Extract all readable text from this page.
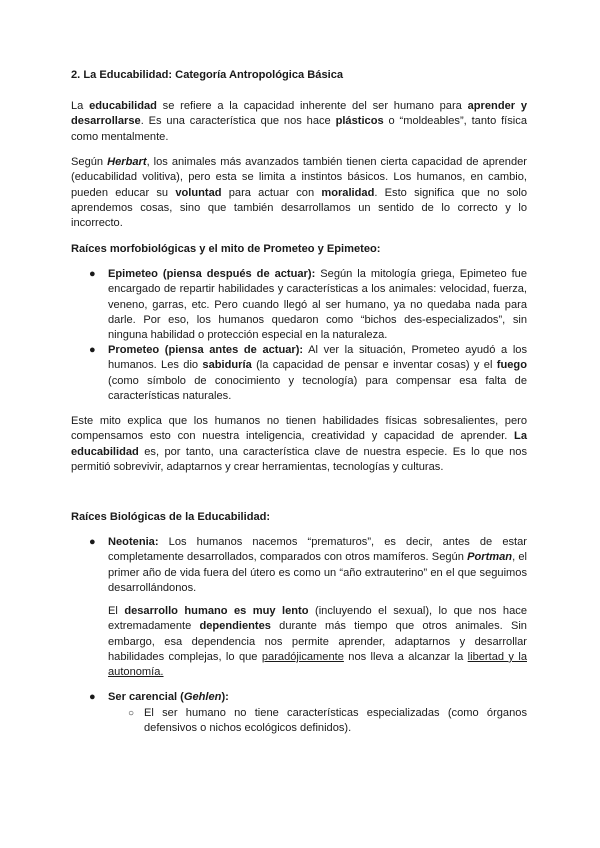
2. La Educabilidad: Categoría Antropológica Básica
La educabilidad se refiere a la capacidad inherente del ser humano para aprender y desarrollarse. Es una característica que nos hace plásticos o “moldeables”, tanto física como mentalmente.
Según Herbart, los animales más avanzados también tienen cierta capacidad de aprender (educabilidad volitiva), pero esta se limita a instintos básicos. Los humanos, en cambio, pueden educar su voluntad para actuar con moralidad. Esto significa que no solo aprendemos cosas, sino que también desarrollamos un sentido de lo correcto y lo incorrecto.
Raíces morfobiológicas y el mito de Prometeo y Epimeteo:
● Epimeteo (piensa después de actuar): Según la mitología griega, Epimeteo fue encargado de repartir habilidades y características a los animales: velocidad, fuerza, veneno, garras, etc. Pero cuando llegó al ser humano, ya no quedaba nada para darle. Por eso, los humanos quedaron como “bichos des-especializados”, sin ninguna habilidad o protección especial en la naturaleza.
● Prometeo (piensa antes de actuar): Al ver la situación, Prometeo ayudó a los humanos. Les dio sabiduría (la capacidad de pensar e inventar cosas) y el fuego (como símbolo de conocimiento y tecnología) para compensar esa falta de características naturales.
Este mito explica que los humanos no tienen habilidades físicas sobresalientes, pero compensamos esto con nuestra inteligencia, creatividad y capacidad de aprender. La educabilidad es, por tanto, una característica clave de nuestra especie. Es lo que nos permitió sobrevivir, adaptarnos y crear herramientas, tecnologías y culturas.
Raíces Biológicas de la Educabilidad:
● Neotenia: Los humanos nacemos “prematuros”, es decir, antes de estar completamente desarrollados, comparados con otros mamíferos. Según Portman, el primer año de vida fuera del útero es como un “año extrauterino” en el que seguimos desarrollándonos.
El desarrollo humano es muy lento (incluyendo el sexual), lo que nos hace extremadamente dependientes durante más tiempo que otros animales. Sin embargo, esa dependencia nos permite aprender, adaptarnos y desarrollar habilidades complejas, lo que paradójicamente nos lleva a alcanzar la libertad y la autonomía.
● Ser carencial (Gehlen):
○ El ser humano no tiene características especializadas (como órganos defensivos o nichos ecológicos definidos).
